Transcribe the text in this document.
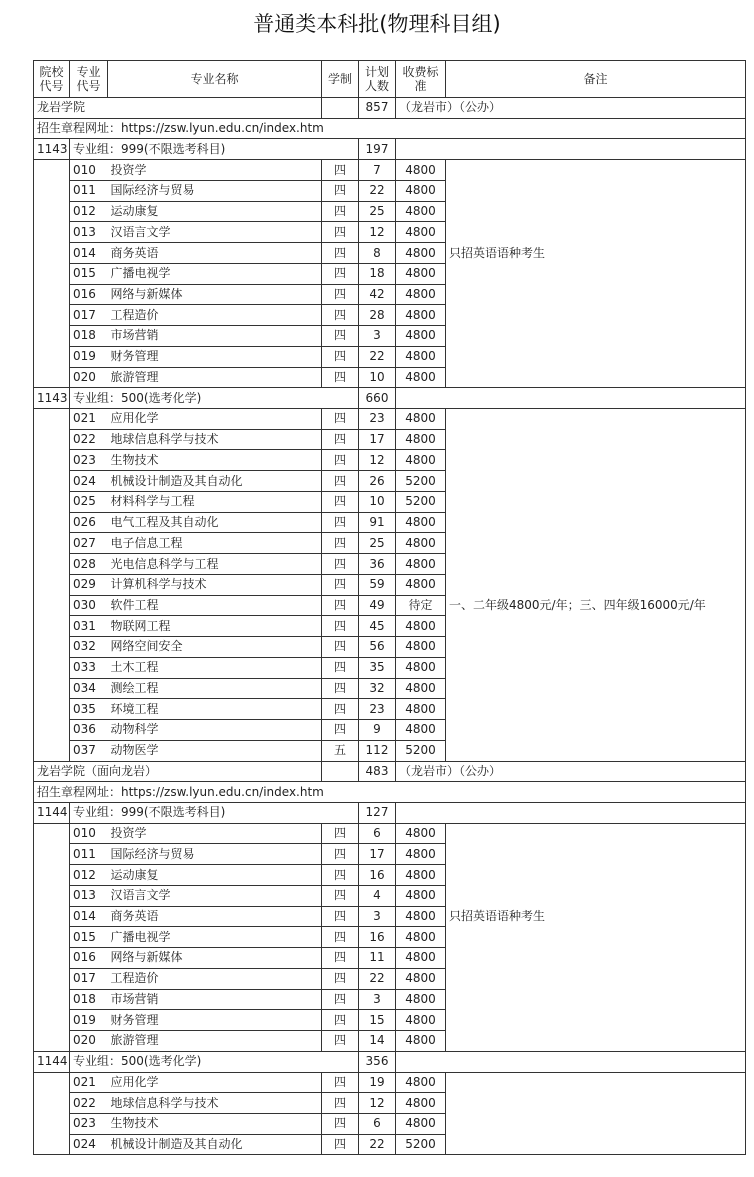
普通类本科批(物理科目组)
院校代号	专业代号	专业名称	学制	计划人数	收费标准	备注
龙岩学院				857	（龙岩市）（公办）	
招生章程网址：https://zsw.lyun.edu.cn/index.htm						
1143	专业组：999(不限选考科目)			197		
	010	投资学	四	7	4800	只招英语语种考生

	011	国际经济与贸易	四	22	4800	
	012	运动康复	四	25	4800	
	013	汉语言文学	四	12	4800	
	014	商务英语	四	8	4800	
	015	广播电视学	四	18	4800	
	016	网络与新媒体	四	42	4800	
	017	工程造价	四	28	4800	
	018	市场营销	四	3	4800	
	019	财务管理	四	22	4800	
	020	旅游管理	四	10	4800	
1143	专业组：500(选考化学)			660		
	021	应用化学	四	23	4800	一、二年级4800元/年；三、四年级16000元/年

	022	地球信息科学与技术	四	17	4800	
	023	生物技术	四	12	4800	
	024	机械设计制造及其自动化	四	26	5200	
	025	材料科学与工程	四	10	5200	
	026	电气工程及其自动化	四	91	4800	
	027	电子信息工程	四	25	4800	
	028	光电信息科学与工程	四	36	4800	
	029	计算机科学与技术	四	59	4800	
	030	软件工程	四	49	待定	
	031	物联网工程	四	45	4800	
	032	网络空间安全	四	56	4800	
	033	土木工程	四	35	4800	
	034	测绘工程	四	32	4800	
	035	环境工程	四	23	4800	
	036	动物科学	四	9	4800	
	037	动物医学	五	112	5200	
龙岩学院（面向龙岩）				483	（龙岩市）（公办）	
招生章程网址：https://zsw.lyun.edu.cn/index.htm						
1144	专业组：999(不限选考科目)			127		
	010	投资学	四	6	4800	只招英语语种考生

	011	国际经济与贸易	四	17	4800	
	012	运动康复	四	16	4800	
	013	汉语言文学	四	4	4800	
	014	商务英语	四	3	4800	
	015	广播电视学	四	16	4800	
	016	网络与新媒体	四	11	4800	
	017	工程造价	四	22	4800	
	018	市场营销	四	3	4800	
	019	财务管理	四	15	4800	
	020	旅游管理	四	14	4800	
1144	专业组：500(选考化学)			356		
	021	应用化学	四	19	4800	
	022	地球信息科学与技术	四	12	4800	
	023	生物技术	四	6	4800	
	024	机械设计制造及其自动化	四	22	5200	
